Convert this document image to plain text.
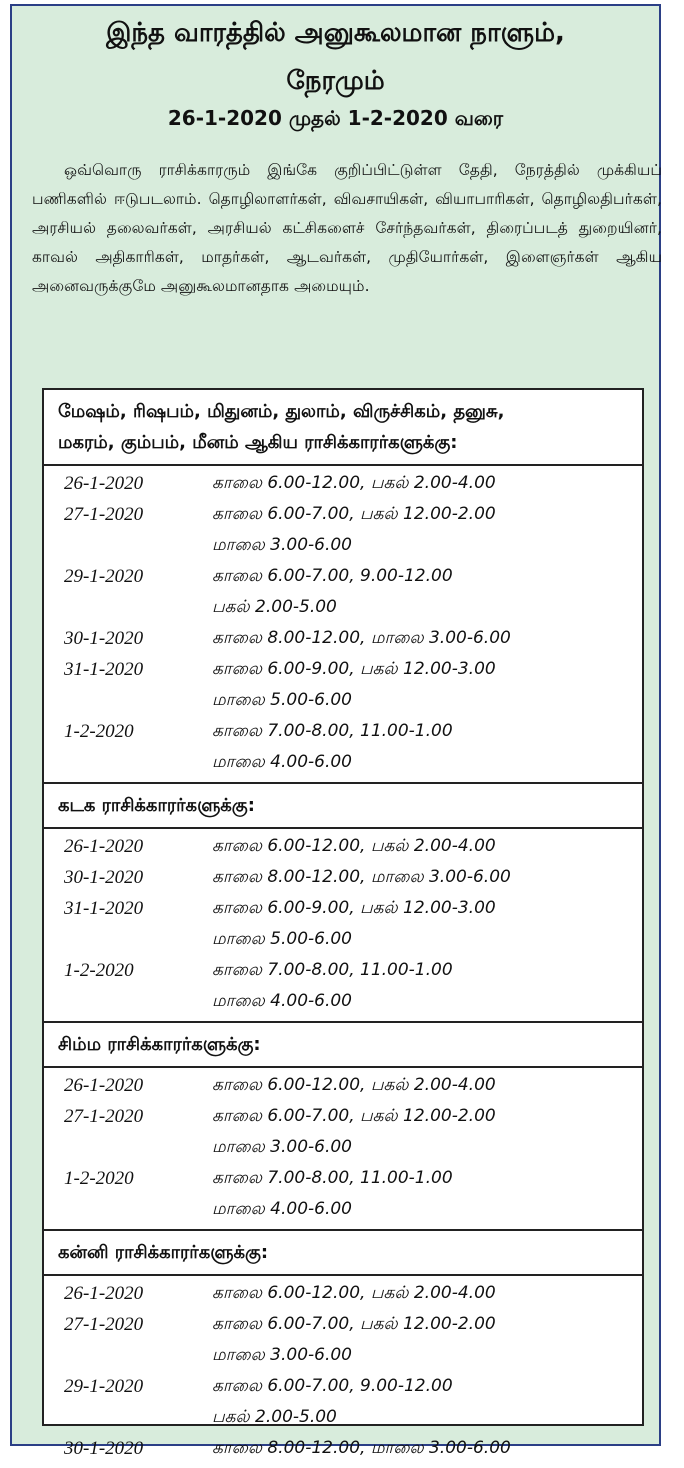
இந்த வாரத்தில் அனுகூலமான நாளும்,
நேரமும்
26-1-2020 முதல் 1-2-2020 வரை

ஒவ்வொரு ராசிக்காரரும் இங்கே குறிப்பிட்டுள்ள தேதி, நேரத்தில் முக்கியப் பணிகளில் ஈடுபடலாம். தொழிலாளர்கள், விவசாயிகள், வியாபாரிகள், தொழிலதிபர்கள், அரசியல் தலைவர்கள், அரசியல் கட்சிகளைச் சேர்ந்தவர்கள், திரைப்படத் துறையினர், காவல் அதிகாரிகள், மாதர்கள், ஆடவர்கள், முதியோர்கள், இளைஞர்கள் ஆகிய அனைவருக்குமே அனுகூலமானதாக அமையும்.

மேஷம், ரிஷபம், மிதுனம், துலாம், விருச்சிகம், தனுசு,
மகரம், கும்பம், மீனம் ஆகிய ராசிக்காரர்களுக்கு:
26-1-2020	காலை 6.00-12.00, பகல் 2.00-4.00
27-1-2020	காலை 6.00-7.00, பகல் 12.00-2.00
மாலை 3.00-6.00
29-1-2020	காலை 6.00-7.00, 9.00-12.00
பகல் 2.00-5.00
30-1-2020	காலை 8.00-12.00, மாலை 3.00-6.00
31-1-2020	காலை 6.00-9.00, பகல் 12.00-3.00
மாலை 5.00-6.00
1-2-2020	காலை 7.00-8.00, 11.00-1.00
மாலை 4.00-6.00
கடக ராசிக்காரர்களுக்கு:
26-1-2020	காலை 6.00-12.00, பகல் 2.00-4.00
30-1-2020	காலை 8.00-12.00, மாலை 3.00-6.00
31-1-2020	காலை 6.00-9.00, பகல் 12.00-3.00
மாலை 5.00-6.00
1-2-2020	காலை 7.00-8.00, 11.00-1.00
மாலை 4.00-6.00
சிம்ம ராசிக்காரர்களுக்கு:
26-1-2020	காலை 6.00-12.00, பகல் 2.00-4.00
27-1-2020	காலை 6.00-7.00, பகல் 12.00-2.00
மாலை 3.00-6.00
1-2-2020	காலை 7.00-8.00, 11.00-1.00
மாலை 4.00-6.00
கன்னி ராசிக்காரர்களுக்கு:
26-1-2020	காலை 6.00-12.00, பகல் 2.00-4.00
27-1-2020	காலை 6.00-7.00, பகல் 12.00-2.00
மாலை 3.00-6.00
29-1-2020	காலை 6.00-7.00, 9.00-12.00
பகல் 2.00-5.00
30-1-2020	காலை 8.00-12.00, மாலை 3.00-6.00
